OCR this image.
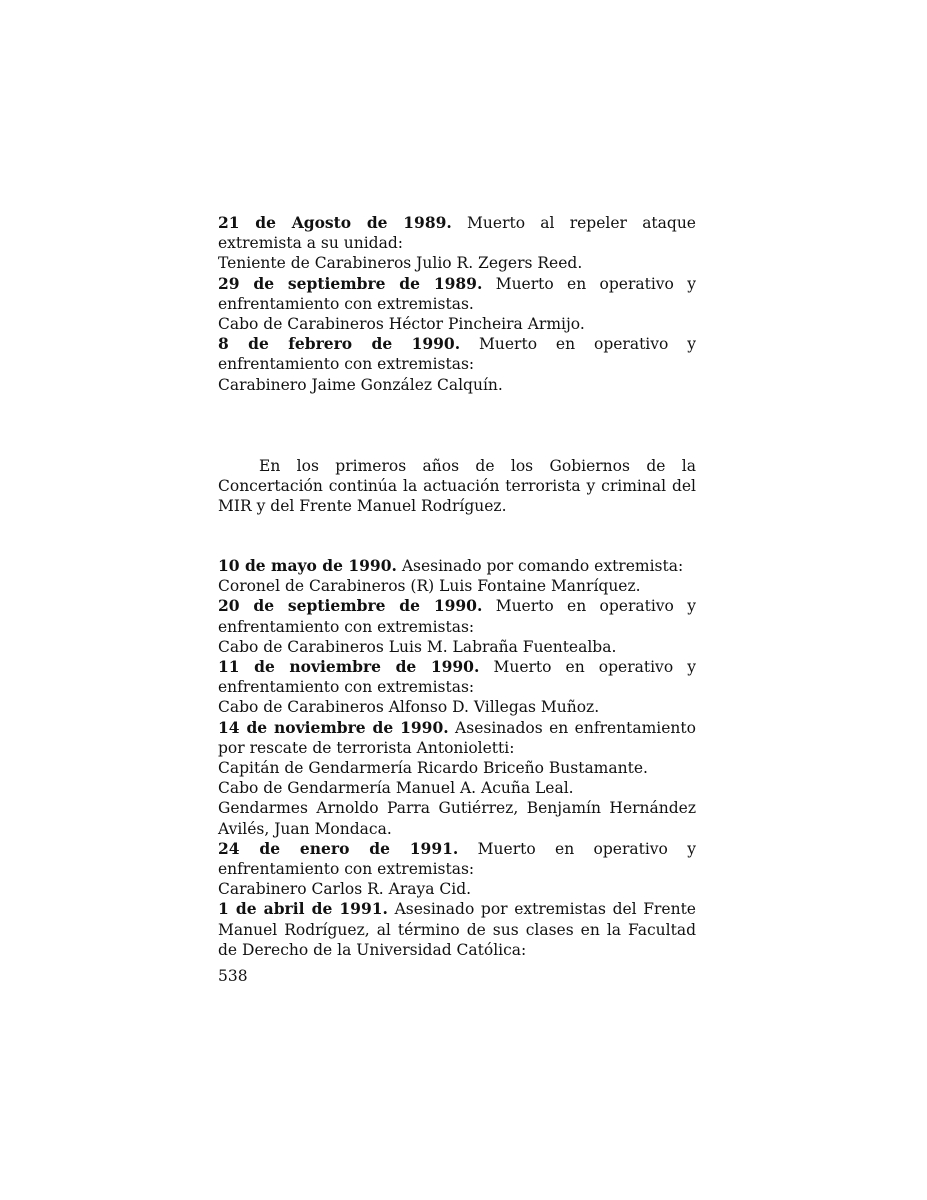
21 de Agosto de 1989. Muerto al repeler ataque extremista a su unidad:

Teniente de Carabineros Julio R. Zegers Reed.

29 de septiembre de 1989. Muerto en operativo y enfrentamiento con extremistas.

Cabo de Carabineros Héctor Pincheira Armijo.

8 de febrero de 1990. Muerto en operativo y enfrentamiento con extremistas:

Carabinero Jaime González Calquín.

En los primeros años de los Gobiernos de la Concertación continúa la actuación terrorista y criminal del MIR y del Frente Manuel Rodríguez.

10 de mayo de 1990. Asesinado por comando extremista:

Coronel de Carabineros (R) Luis Fontaine Manríquez.

20 de septiembre de 1990. Muerto en operativo y enfrentamiento con extremistas:

Cabo de Carabineros Luis M. Labraña Fuentealba.

11 de noviembre de 1990. Muerto en operativo y enfrentamiento con extremistas:

Cabo de Carabineros Alfonso D. Villegas Muñoz.

14 de noviembre de 1990. Asesinados en enfrentamiento por rescate de terrorista Antonioletti:

Capitán de Gendarmería Ricardo Briceño Bustamante.

Cabo de Gendarmería Manuel A. Acuña Leal.

Gendarmes Arnoldo Parra Gutiérrez, Benjamín Hernández Avilés, Juan Mondaca.

24 de enero de 1991. Muerto en operativo y enfrentamiento con extremistas:

Carabinero Carlos R. Araya Cid.

1 de abril de 1991. Asesinado por extremistas del Frente Manuel Rodríguez, al término de sus clases en la Facultad de Derecho de la Universidad Católica:

538
